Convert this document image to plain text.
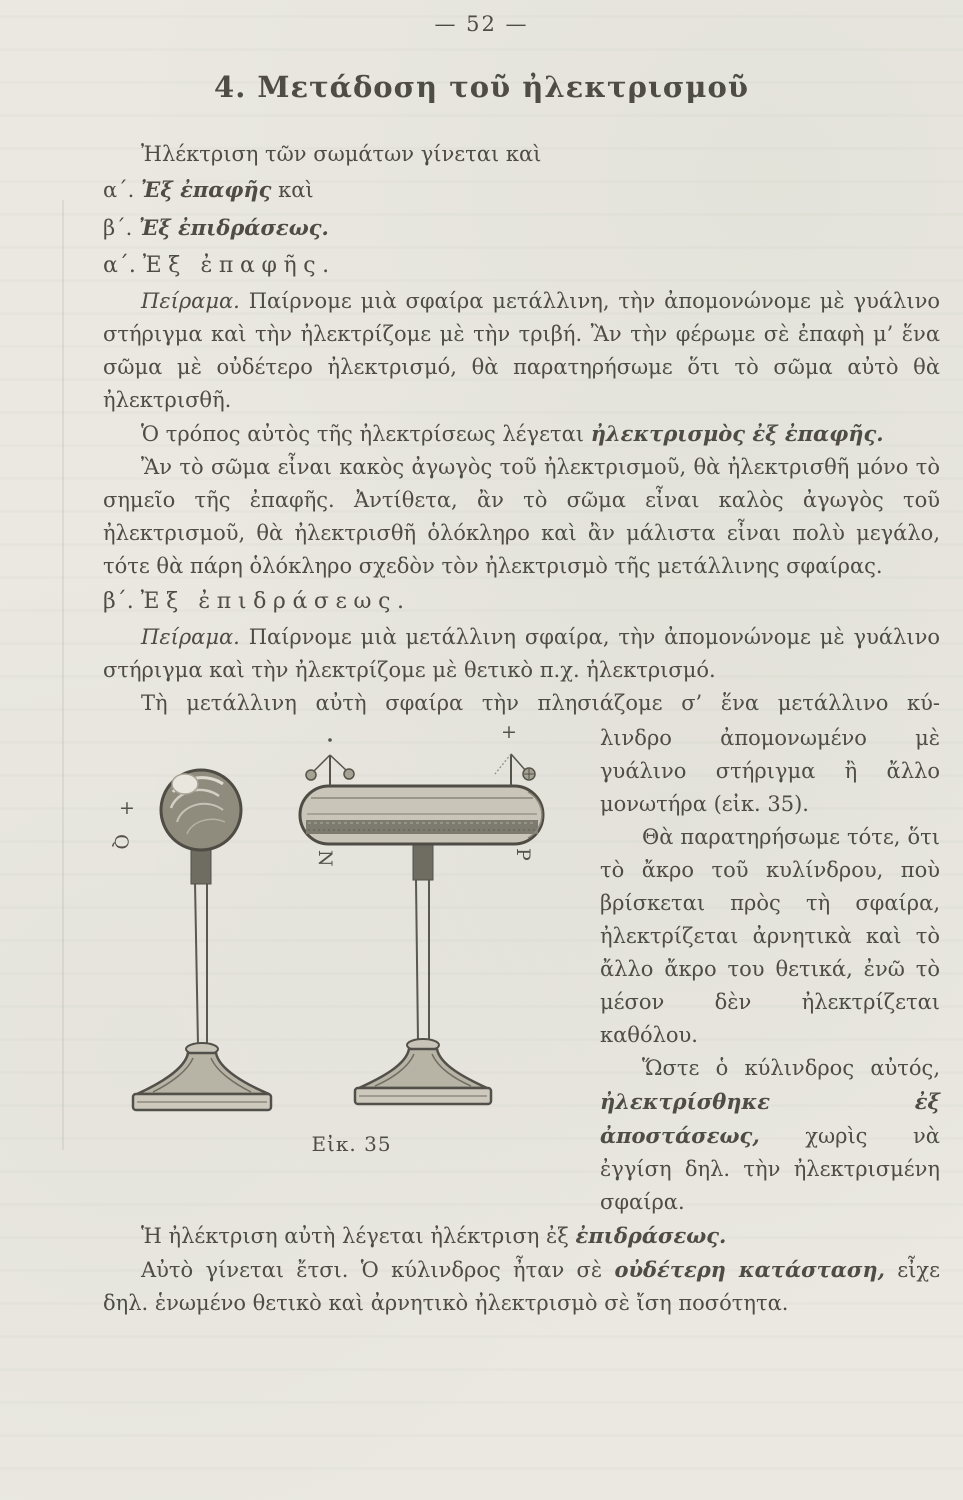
— 52 —
4. Μετάδοση τοῦ ἠλεκτρισμοῦ

Ἠλέκτριση τῶν σωμάτων γίνεται καὶ

α΄. Ἐξ ἐπαφῆς καὶ

β΄. Ἐξ ἐπιδράσεως.

α΄. Ἐξ ἐπαφῆς.

Πείραμα. Παίρνομε μιὰ σφαίρα μετάλλινη, τὴν ἀπομονώνομε μὲ γυάλινο στήριγμα καὶ τὴν ἠλεκτρίζομε μὲ τὴν τριβή. Ἂν τὴν φέρωμε σὲ ἐπαφὴ μ’ ἕνα σῶμα μὲ οὐδέτερο ἠλεκτρισμό, θὰ παρατηρήσωμε ὅτι τὸ σῶμα αὐτὸ θὰ ἠλεκτρισθῆ.

Ὁ τρόπος αὐτὸς τῆς ἠλεκτρίσεως λέγεται ἠλεκτρισμὸς ἐξ ἐπαφῆς.

Ἂν τὸ σῶμα εἶναι κακὸς ἀγωγὸς τοῦ ἠλεκτρισμοῦ, θὰ ἠλεκτρισθῆ μόνο τὸ σημεῖο τῆς ἐπαφῆς. Ἀντίθετα, ἂν τὸ σῶμα εἶναι καλὸς ἀγωγὸς τοῦ ἠλεκτρισμοῦ, θὰ ἠλεκτρισθῆ ὁλόκληρο καὶ ἂν μάλιστα εἶναι πολὺ μεγάλο, τότε θὰ πάρη ὁλόκληρο σχεδὸν τὸν ἠλεκτρισμὸ τῆς μετάλλινης σφαίρας.

β΄. Ἐξ ἐπιδράσεως.

Πείραμα. Παίρνομε μιὰ μετάλλινη σφαίρα, τὴν ἀπομονώνομε μὲ γυάλινο στήριγμα καὶ τὴν ἠλεκτρίζομε μὲ θετικὸ π.χ. ἠλεκτρισμό.

Τὴ μετάλλινη αὐτὴ σφαίρα τὴν πλησιάζομε σ’ ἕνα μετάλλινο κύ-

+
Q
+
N	P
Εἰκ. 35

λινδρο ἀπομονωμένο μὲ γυάλινο στήριγμα ἢ ἄλλο μονωτήρα (εἰκ. 35).

Θὰ παρατηρήσωμε τότε, ὅτι τὸ ἄκρο τοῦ κυλίνδρου, ποὺ βρίσκεται πρὸς τὴ σφαίρα, ἠλεκτρίζεται ἀρνητικὰ καὶ τὸ ἄλλο ἄκρο του θετικά, ἐνῶ τὸ μέσον δὲν ἠλεκτρίζεται καθόλου.

Ὥστε ὁ κύλινδρος αὐτός, ἠλεκτρίσθηκε ἐξ ἀποστάσεως, χωρὶς νὰ ἐγγίση δηλ. τὴν ἠλεκτρισμένη σφαίρα.

Ἡ ἠλέκτριση αὐτὴ λέγεται ἠλέκτριση ἐξ ἐπιδράσεως.

Αὐτὸ γίνεται ἔτσι. Ὁ κύλινδρος ἦταν σὲ οὐδέτερη κατάσταση, εἶχε δηλ. ἑνωμένο θετικὸ καὶ ἀρνητικὸ ἠλεκτρισμὸ σὲ ἴση ποσότητα.
